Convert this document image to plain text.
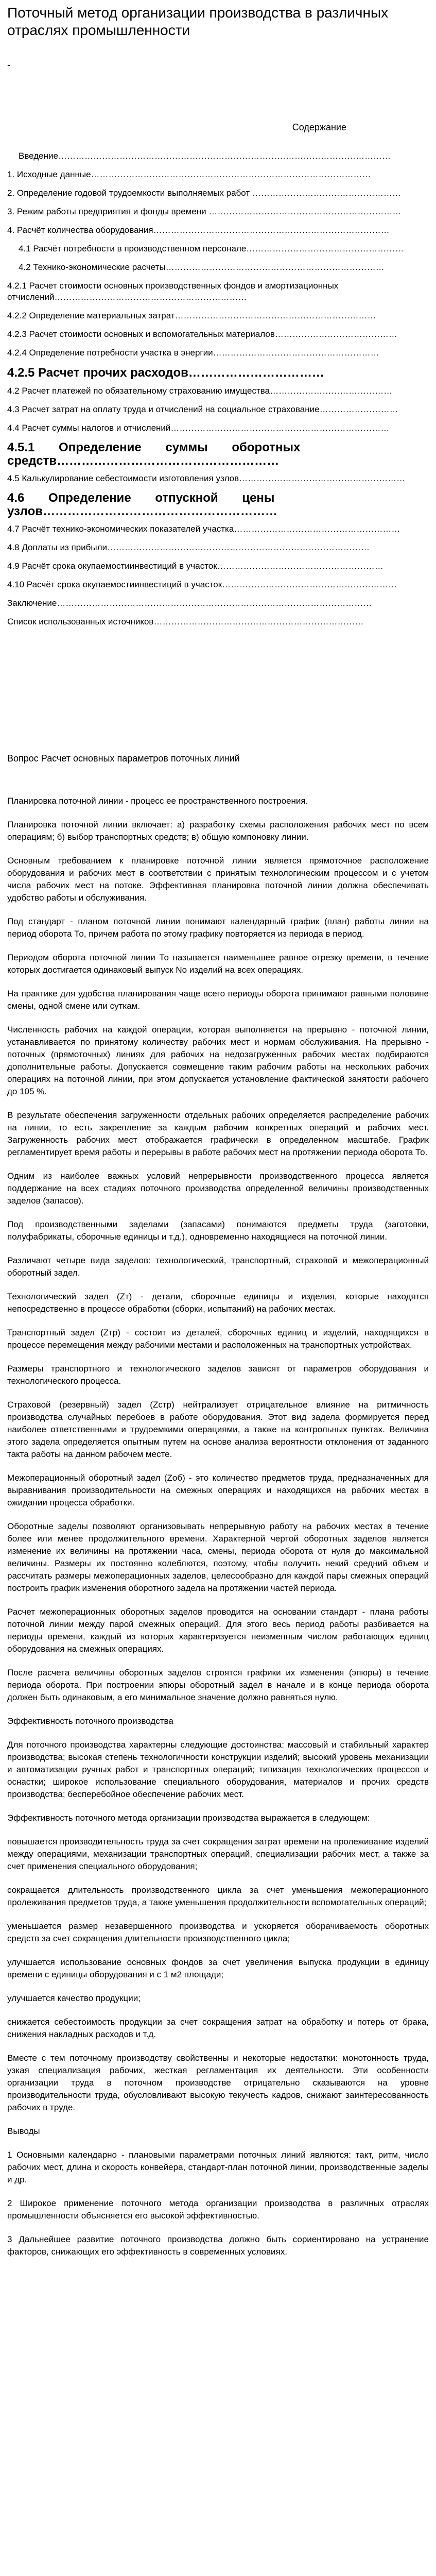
Поточный метод организации производства в различных отраслях промышленности
-
Содержание

Введение……………………………………………………………………………………………………

1. Исходные данные……………………………………………………………………………………

2. Определение годовой трудоемкости выполняемых работ ……………………………………………

3. Режим работы предприятия и фонды времени …………………………………………………………

4. Расчёт количества оборудования………………………………………………………………………

4.1 Расчёт потребности в производственном персонале………………………………………………

4.2 Технико-экономические расчеты…………………………………………………………………

4.2.1 Расчет стоимости основных производственных фондов и амортизационных отчислений…………………………………………………………

4.2.2 Определение материальных затрат……………………………………………………………

4.2.3 Расчет стоимости основных и вспомогательных материалов……………………………………

4.2.4 Определение потребности участка в энергии…………………………………………………

4.2.5 Расчет прочих расходов……………………………

4.2 Расчет платежей по обязательному страхованию имущества……………………………………

4.3 Расчет затрат на оплату труда и отчислений на социальное страхование………………………

4.4 Расчет суммы налогов и отчислений…………………………………………………………………

4.5.1 Определение суммы оборотных средств………………………………………………

4.5 Калькулирование себестоимости изготовления узлов…………………………………………………

4.6 Определение отпускной цены узлов…………………………………………………

4.7 Расчёт технико-экономических показателей участка…………………………………………………

4.8 Доплаты из прибыли………………………………………………………………………………

4.9 Расчёт срока окупаемостиинвестиций в участок…………………………………………………

4.10 Расчёт срока окупаемостиинвестиций в участок……………………………………………………

Заключение………………………………………………………………………………………………

Список использованных источников………………………………………………………………

Вопрос Расчет основных параметров поточных линий

Планировка поточной линии - процесс ее пространственного построения.

Планировка поточной линии включает: а) разработку схемы расположения рабочих мест по всем операциям; б) выбор транспортных средств; в) общую компоновку линии.

Основным требованием к планировке поточной линии является прямоточное расположение оборудования и рабочих мест в соответствии с принятым технологическим процессом и с учетом числа рабочих мест на потоке. Эффективная планировка поточной линии должна обеспечивать удобство работы и обслуживания.

Под стандарт - планом поточной линии понимают календарный график (план) работы линии на период оборота То, причем работа по этому графику повторяется из периода в период.

Периодом оборота поточной линии То называется наименьшее равное отрезку времени, в течение которых достигается одинаковый выпуск No изделий на всех операциях.

На практике для удобства планирования чаще всего периоды оборота принимают равными половине смены, одной смене или суткам.

Численность рабочих на каждой операции, которая выполняется на прерывно - поточной линии, устанавливается по принятому количеству рабочих мест и нормам обслуживания. На прерывно - поточных (прямоточных) линиях для рабочих на недозагруженных рабочих местах подбираются дополнительные работы. Допускается совмещение таким рабочим работы на нескольких рабочих операциях на поточной линии, при этом допускается установление фактической занятости рабочего до 105 %.

В результате обеспечения загруженности отдельных рабочих определяется распределение рабочих на линии, то есть закрепление за каждым рабочим конкретных операций и рабочих мест. Загруженность рабочих мест отображается графически в определенном масштабе. График регламентирует время работы и перерывы в работе рабочих мест на протяжении периода оборота То.

Одним из наиболее важных условий непрерывности производственного процесса является поддержание на всех стадиях поточного производства определенной величины производственных заделов (запасов).

Под производственными заделами (запасами) понимаются предметы труда (заготовки, полуфабрикаты, сборочные единицы и т.д.), одновременно находящиеся на поточной линии.

Различают четыре вида заделов: технологический, транспортный, страховой и межоперационный оборотный задел.

Технологический задел (Zт) - детали, сборочные единицы и изделия, которые находятся непосредственно в процессе обработки (сборки, испытаний) на рабочих местах.

Транспортный задел (Zтр) - состоит из деталей, сборочных единиц и изделий, находящихся в процессе перемещения между рабочими местами и расположенных на транспортных устройствах.

Размеры транспортного и технологического заделов зависят от параметров оборудования и технологического процесса.

Страховой (резервный) задел (Zстр) нейтрализует отрицательное влияние на ритмичность производства случайных перебоев в работе оборудования. Этот вид задела формируется перед наиболее ответственными и трудоемкими операциями, а также на контрольных пунктах. Величина этого задела определяется опытным путем на основе анализа вероятности отклонения от заданного такта работы на данном рабочем месте.

Межоперационный оборотный задел (Zоб) - это количество предметов труда, предназначенных для выравнивания производительности на смежных операциях и находящихся на рабочих местах в ожидании процесса обработки.

Оборотные заделы позволяют организовывать непрерывную работу на рабочих местах в течение более или менее продолжительного времени. Характерной чертой оборотных заделов является изменение их величины на протяжении часа, смены, периода оборота от нуля до максимальной величины. Размеры их постоянно колеблются, поэтому, чтобы получить некий средний объем и рассчитать размеры межоперационных заделов, целесообразно для каждой пары смежных операций построить график изменения оборотного задела на протяжении частей периода.

Расчет межоперационных оборотных заделов проводится на основании стандарт - плана работы поточной линии между парой смежных операций. Для этого весь период работы разбивается на периоды времени, каждый из которых характеризуется неизменным числом работающих единиц оборудования на смежных операциях.

После расчета величины оборотных заделов строятся графики их изменения (эпюры) в течение периода оборота. При построении эпюры оборотный задел в начале и в конце периода оборота должен быть одинаковым, а его минимальное значение должно равняться нулю.

Эффективность поточного производства

Для поточного производства характерны следующие достоинства: массовый и стабильный характер производства; высокая степень технологичности конструкции изделий; высокий уровень механизации и автоматизации ручных работ и транспортных операций; типизация технологических процессов и оснастки; широкое использование специального оборудования, материалов и прочих средств производства; бесперебойное обеспечение рабочих мест.

Эффективность поточного метода организации производства выражается в следующем:

повышается производительность труда за счет сокращения затрат времени на пролеживание изделий между операциями, механизации транспортных операций, специализации рабочих мест, а также за счет применения специального оборудования;

сокращается длительность производственного цикла за счет уменьшения межоперационного пролеживания предметов труда, а также уменьшения продолжительности вспомогательных операций;

уменьшается размер незавершенного производства и ускоряется оборачиваемость оборотных средств за счет сокращения длительности производственного цикла;

улучшается использование основных фондов за счет увеличения выпуска продукции в единицу времени с единицы оборудования и с 1 м2 площади;

улучшается качество продукции;

снижается себестоимость продукции за счет сокращения затрат на обработку и потерь от брака, снижения накладных расходов и т.д.

Вместе с тем поточному производству свойственны и некоторые недостатки: монотонность труда, узкая специализация рабочих, жесткая регламентация их деятельности. Эти особенности организации труда в поточном производстве отрицательно сказываются на уровне производительности труда, обусловливают высокую текучесть кадров, снижают заинтересованность рабочих в труде.

Выводы

1 Основными календарно - плановыми параметрами поточных линий являются: такт, ритм, число рабочих мест, длина и скорость конвейера, стандарт-план поточной линии, производственные заделы и др.

2 Широкое применение поточного метода организации производства в различных отраслях промышленности объясняется его высокой эффективностью.

3 Дальнейшее развитие поточного производства должно быть сориентировано на устранение факторов, снижающих его эффективность в современных условиях.
